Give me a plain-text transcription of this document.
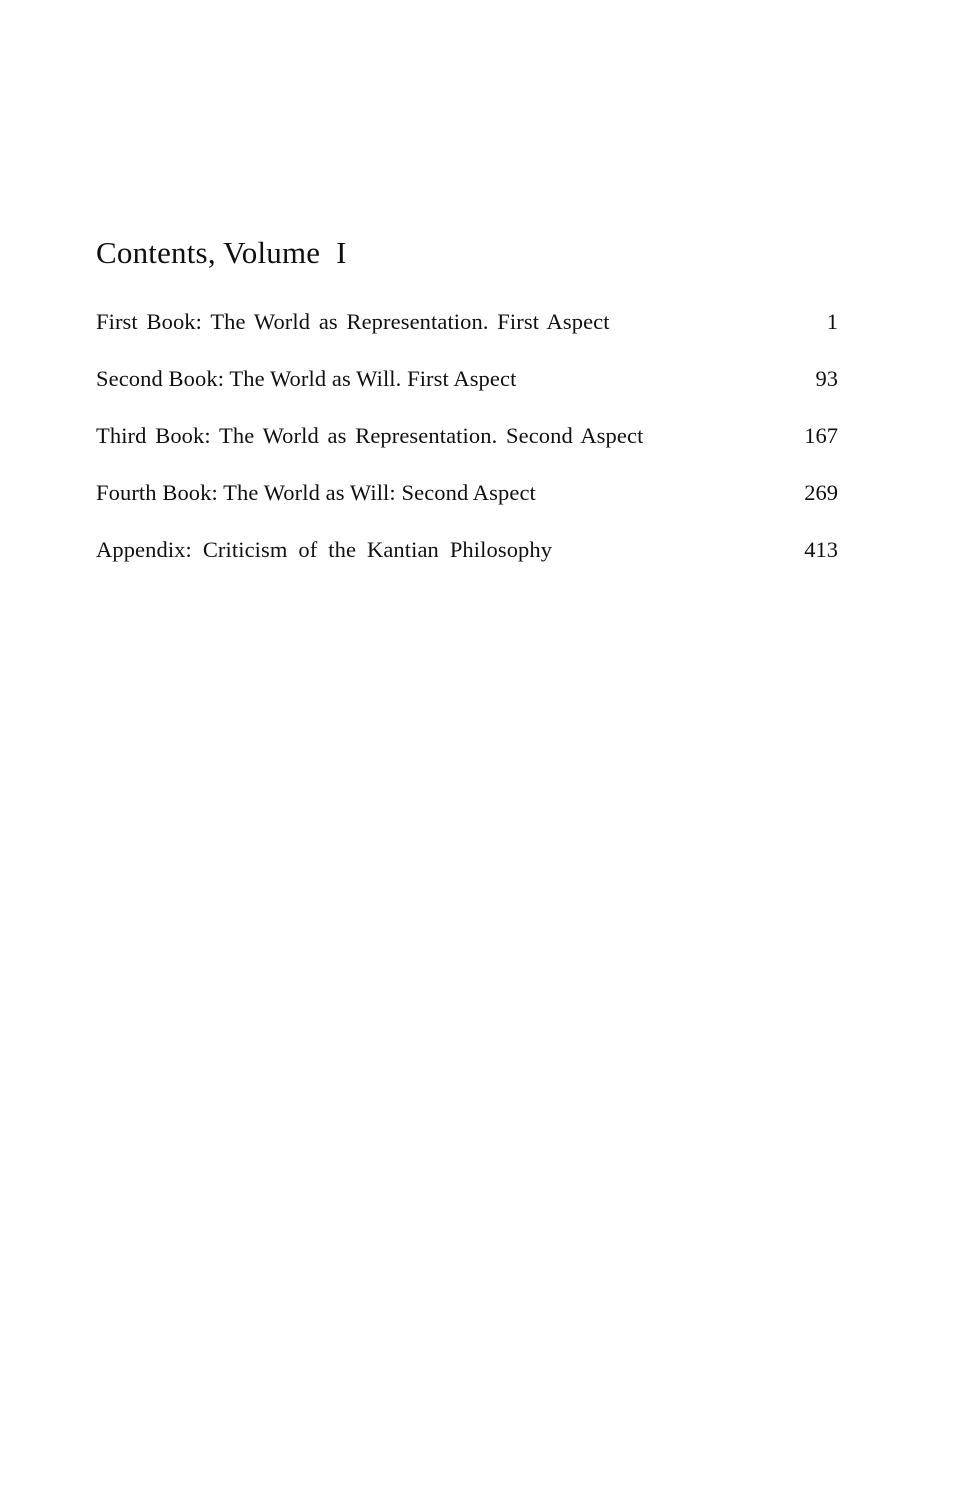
Contents, Volume  I
First Book: The World as Representation. First Aspect	1
Second Book: The World as Will. First Aspect	93
Third Book: The World as Representation. Second Aspect	167
Fourth Book: The World as Will: Second Aspect	269
Appendix: Criticism of the Kantian Philosophy	413
